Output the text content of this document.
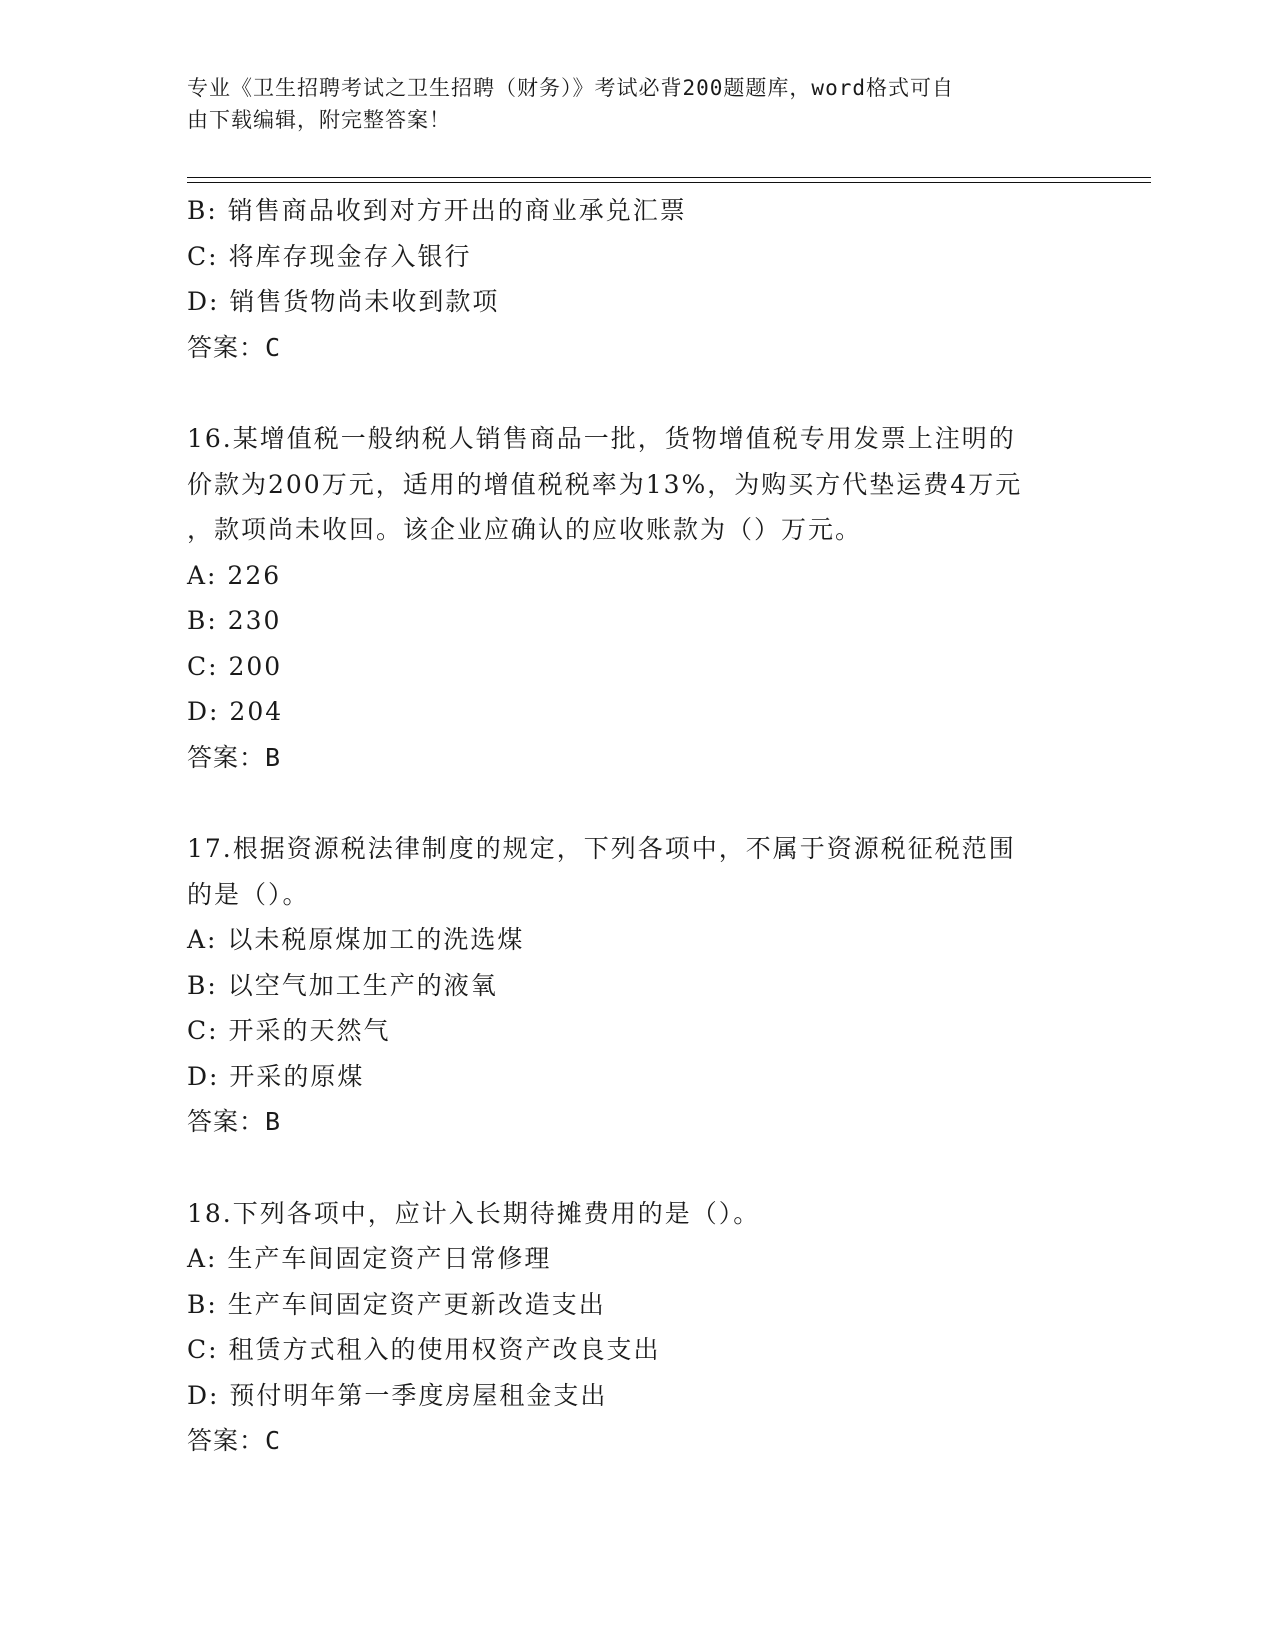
专业《卫生招聘考试之卫生招聘（财务）》考试必背200题题库，word格式可自
由下载编辑，附完整答案！
B: 销售商品收到对方开出的商业承兑汇票
C: 将库存现金存入银行
D: 销售货物尚未收到款项
答案：C
16.某增值税一般纳税人销售商品一批，货物增值税专用发票上注明的
价款为200万元，适用的增值税税率为13%，为购买方代垫运费4万元
，款项尚未收回。该企业应确认的应收账款为（）万元。
A: 226
B: 230
C: 200
D: 204
答案：B
17.根据资源税法律制度的规定，下列各项中，不属于资源税征税范围
的是（）。
A: 以未税原煤加工的洗选煤
B: 以空气加工生产的液氧
C: 开采的天然气
D: 开采的原煤
答案：B
18.下列各项中，应计入长期待摊费用的是（）。
A: 生产车间固定资产日常修理
B: 生产车间固定资产更新改造支出
C: 租赁方式租入的使用权资产改良支出
D: 预付明年第一季度房屋租金支出
答案：C
